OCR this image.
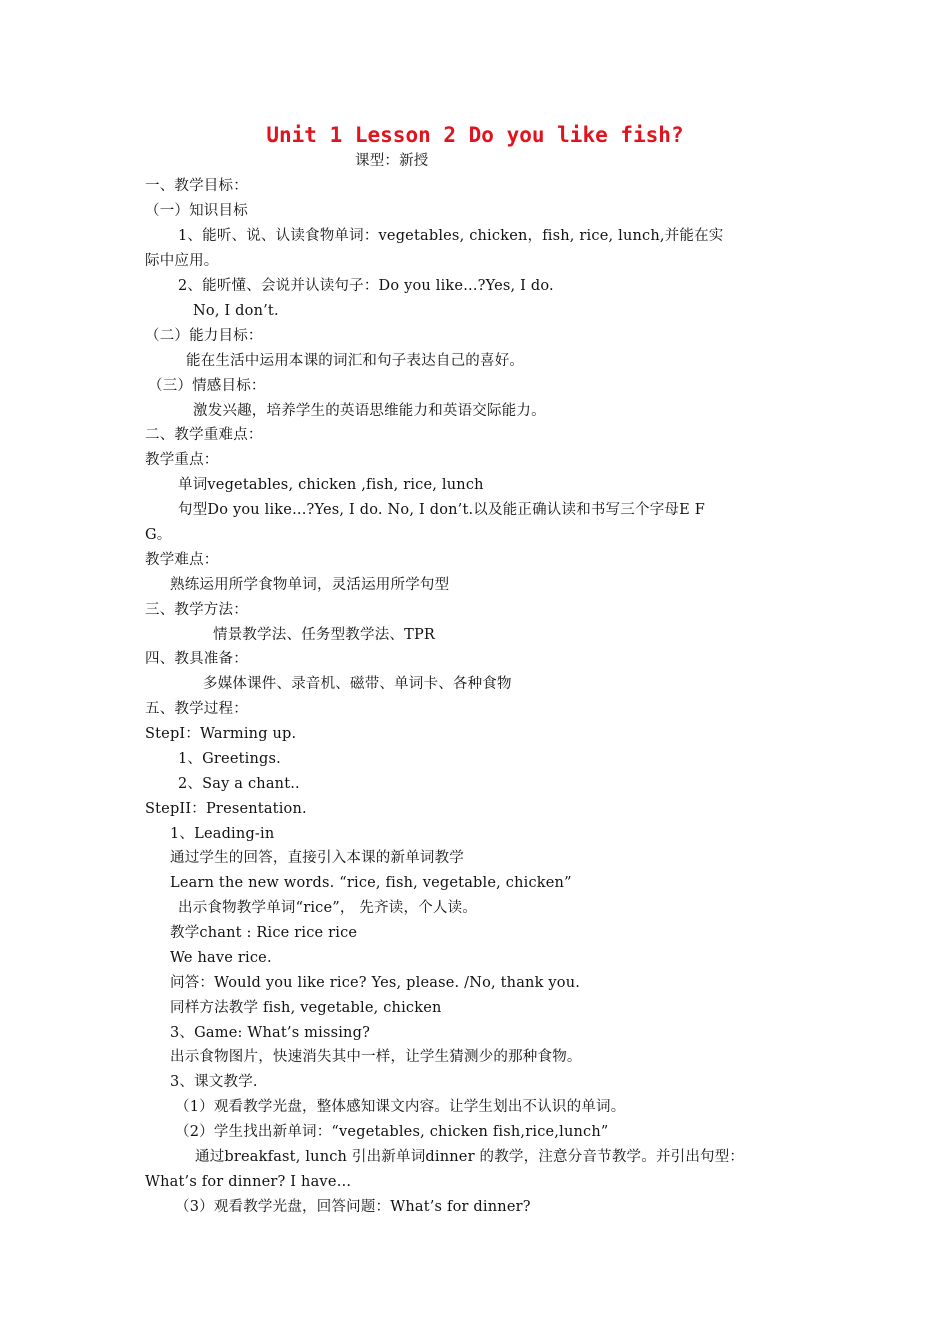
Unit 1 Lesson 2 Do you like fish?
课型：新授
一、教学目标：
（一）知识目标
1、能听、说、认读食物单词：vegetables, chicken，fish, rice, lunch,并能在实
际中应用。
2、能听懂、会说并认读句子：Do you like...?Yes, I do.
No, I don’t.
（二）能力目标：
能在生活中运用本课的词汇和句子表达自己的喜好。
（三）情感目标：
激发兴趣，培养学生的英语思维能力和英语交际能力。
二、教学重难点：
教学重点：
单词vegetables, chicken ,fish, rice, lunch
句型Do you like...?Yes, I do. No, I don’t.以及能正确认读和书写三个字母E F
G。
教学难点：
熟练运用所学食物单词，灵活运用所学句型
三、教学方法：
情景教学法、任务型教学法、TPR
四、教具准备：
多媒体课件、录音机、磁带、单词卡、各种食物
五、教学过程：
StepI：Warming up.
1、Greetings.
2、Say a chant..
StepII：Presentation.
1、Leading-in
通过学生的回答，直接引入本课的新单词教学
Learn the new words. “rice, fish, vegetable, chicken”
出示食物教学单词“rice”， 先齐读，个人读。
教学chant : Rice rice rice
We have rice.
问答：Would you like rice? Yes, please. /No, thank you.
同样方法教学 fish, vegetable, chicken
3、Game: What’s missing?
出示食物图片，快速消失其中一样，让学生猜测少的那种食物。
3、课文教学.
（1）观看教学光盘，整体感知课文内容。让学生划出不认识的单词。
（2）学生找出新单词：“vegetables, chicken fish,rice,lunch”
通过breakfast, lunch 引出新单词dinner 的教学，注意分音节教学。并引出句型：
What’s for dinner? I have…
（3）观看教学光盘，回答问题：What’s for dinner?
